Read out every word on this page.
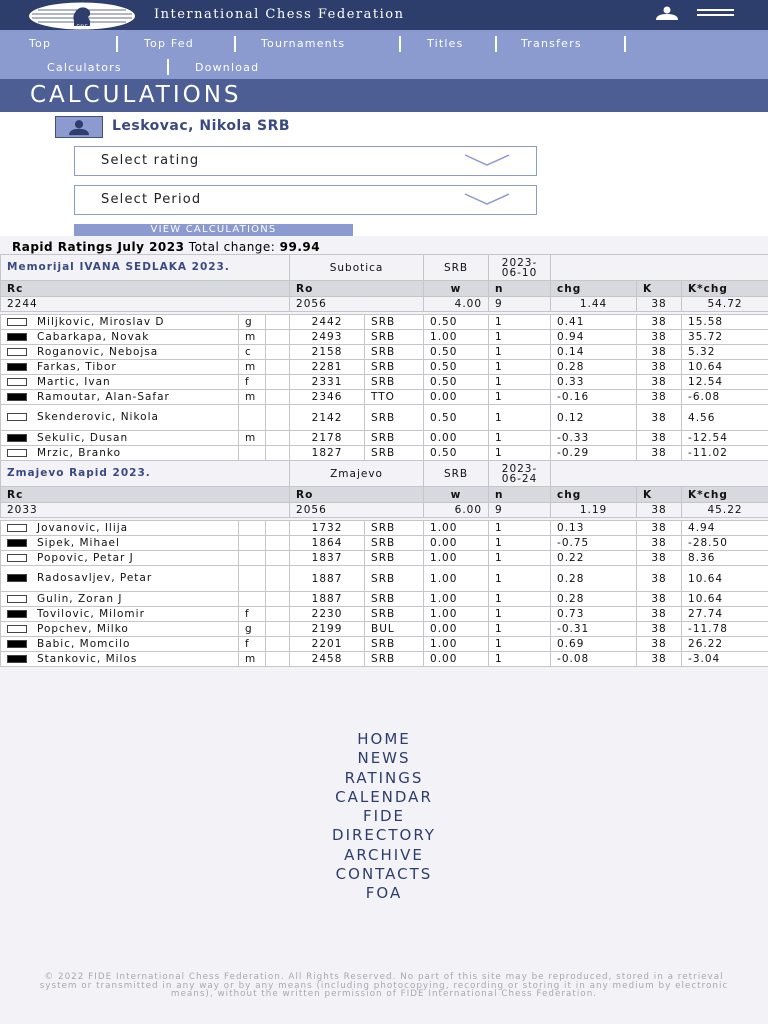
FIDE
International Chess Federation
Top	Top Fed	Tournaments	Titles	Transfers
Calculators	Download
CALCULATIONS
Leskovac, Nikola SRB
Select rating
Select Period
VIEW CALCULATIONS
Rapid Ratings July 2023 Total change: 99.94
Memorijal IVANA SEDLAKA 2023.			Subotica		SRB	2023-06-10			
Rc			Ro		w	n	chg	K	K*chg
2244			2056		4.00	9	1.44	38	54.72

Miljkovic, Miroslav D	g		2442	SRB	0.50	1	0.41	38	15.58
Cabarkapa, Novak	m		2493	SRB	1.00	1	0.94	38	35.72
Roganovic, Nebojsa	c		2158	SRB	0.50	1	0.14	38	5.32
Farkas, Tibor	m		2281	SRB	0.50	1	0.28	38	10.64
Martic, Ivan	f		2331	SRB	0.50	1	0.33	38	12.54
Ramoutar, Alan-Safar	m		2346	TTO	0.00	1	-0.16	38	-6.08
Skenderovic, Nikola			2142	SRB	0.50	1	0.12	38	4.56
Sekulic, Dusan	m		2178	SRB	0.00	1	-0.33	38	-12.54
Mrzic, Branko			1827	SRB	0.50	1	-0.29	38	-11.02
Zmajevo Rapid 2023.			Zmajevo		SRB	2023-06-24			
Rc			Ro		w	n	chg	K	K*chg
2033			2056		6.00	9	1.19	38	45.22

Jovanovic, Ilija			1732	SRB	1.00	1	0.13	38	4.94
Sipek, Mihael			1864	SRB	0.00	1	-0.75	38	-28.50
Popovic, Petar J			1837	SRB	1.00	1	0.22	38	8.36
Radosavljev, Petar			1887	SRB	1.00	1	0.28	38	10.64
Gulin, Zoran J			1887	SRB	1.00	1	0.28	38	10.64
Tovilovic, Milomir	f		2230	SRB	1.00	1	0.73	38	27.74
Popchev, Milko	g		2199	BUL	0.00	1	-0.31	38	-11.78
Babic, Momcilo	f		2201	SRB	1.00	1	0.69	38	26.22
Stankovic, Milos	m		2458	SRB	0.00	1	-0.08	38	-3.04
HOME
NEWS
RATINGS
CALENDAR
FIDE
DIRECTORY
ARCHIVE
CONTACTS
FOA
© 2022 FIDE International Chess Federation. All Rights Reserved. No part of this site may be reproduced, stored in a retrieval system or transmitted in any way or by any means (including photocopying, recording or storing it in any medium by electronic means), without the written permission of FIDE International Chess Federation.
